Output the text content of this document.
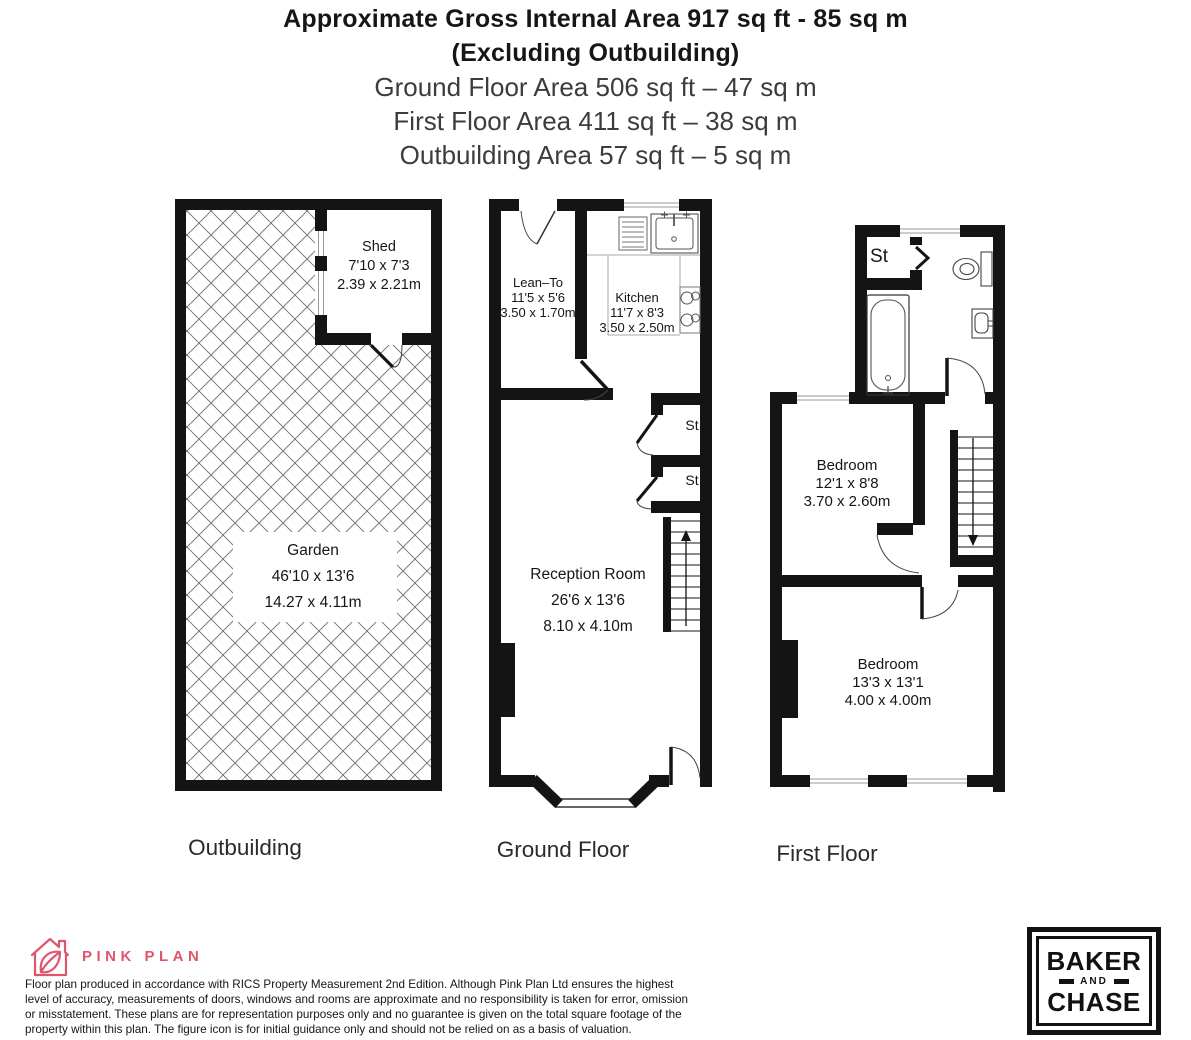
Approximate Gross Internal Area 917 sq ft - 85 sq m
(Excluding Outbuilding)
Ground Floor Area 506 sq ft – 47 sq m
First Floor Area 411 sq ft – 38 sq m
Outbuilding Area 57 sq ft – 5 sq m
Shed
7'10 x 7'3
2.39 x 2.21m
Garden
46'10 x 13'6
14.27 x 4.11m
Lean–To
11'5 x 5'6
3.50 x 1.70m
Kitchen
11'7 x 8'3
3.50 x 2.50m
Reception Room
26'6 x 13'6
8.10 x 4.10m
St
St
St
Bedroom
12'1 x 8'8
3.70 x 2.60m
Bedroom
13'3 x 13'1
4.00 x 4.00m
Outbuilding	Ground Floor	First Floor
PINK PLAN
Floor plan produced in accordance with RICS Property Measurement 2nd Edition. Although Pink Plan Ltd ensures the highest level of accuracy, measurements of doors, windows and rooms are approximate and no responsibility is taken for error, omission or misstatement. These plans are for representation purposes only and no guarantee is given on the total square footage of the property within this plan. The figure icon is for initial guidance only and should not be relied on as a basis of valuation.
BAKER
AND
CHASE
